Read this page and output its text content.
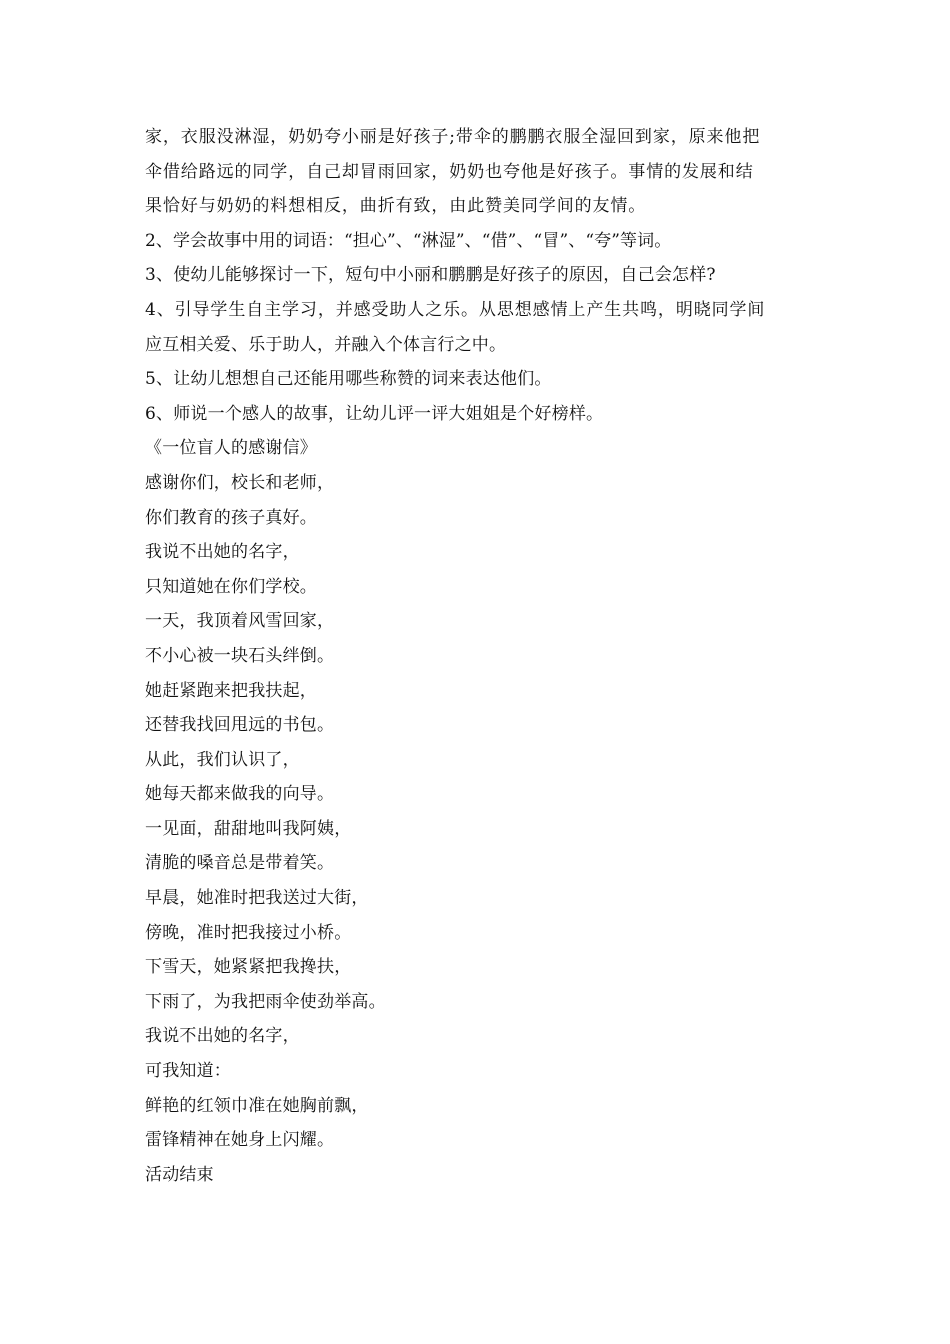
家，衣服没淋湿，奶奶夸小丽是好孩子;带伞的鹏鹏衣服全湿回到家，原来他把
伞借给路远的同学，自己却冒雨回家，奶奶也夸他是好孩子。事情的发展和结
果恰好与奶奶的料想相反，曲折有致，由此赞美同学间的友情。
2、学会故事中用的词语：“担心”、“淋湿”、“借”、“冒”、“夸”等词。
3、使幼儿能够探讨一下，短句中小丽和鹏鹏是好孩子的原因，自己会怎样?
4、引导学生自主学习，并感受助人之乐。从思想感情上产生共鸣，明晓同学间
应互相关爱、乐于助人，并融入个体言行之中。
5、让幼儿想想自己还能用哪些称赞的词来表达他们。
6、师说一个感人的故事，让幼儿评一评大姐姐是个好榜样。
《一位盲人的感谢信》
感谢你们，校长和老师，
你们教育的孩子真好。
我说不出她的名字，
只知道她在你们学校。
一天，我顶着风雪回家，
不小心被一块石头绊倒。
她赶紧跑来把我扶起，
还替我找回甩远的书包。
从此，我们认识了，
她每天都来做我的向导。
一见面，甜甜地叫我阿姨，
清脆的嗓音总是带着笑。
早晨，她准时把我送过大街，
傍晚，准时把我接过小桥。
下雪天，她紧紧把我搀扶，
下雨了，为我把雨伞使劲举高。
我说不出她的名字，
可我知道：
鲜艳的红领巾准在她胸前飘，
雷锋精神在她身上闪耀。
活动结束
